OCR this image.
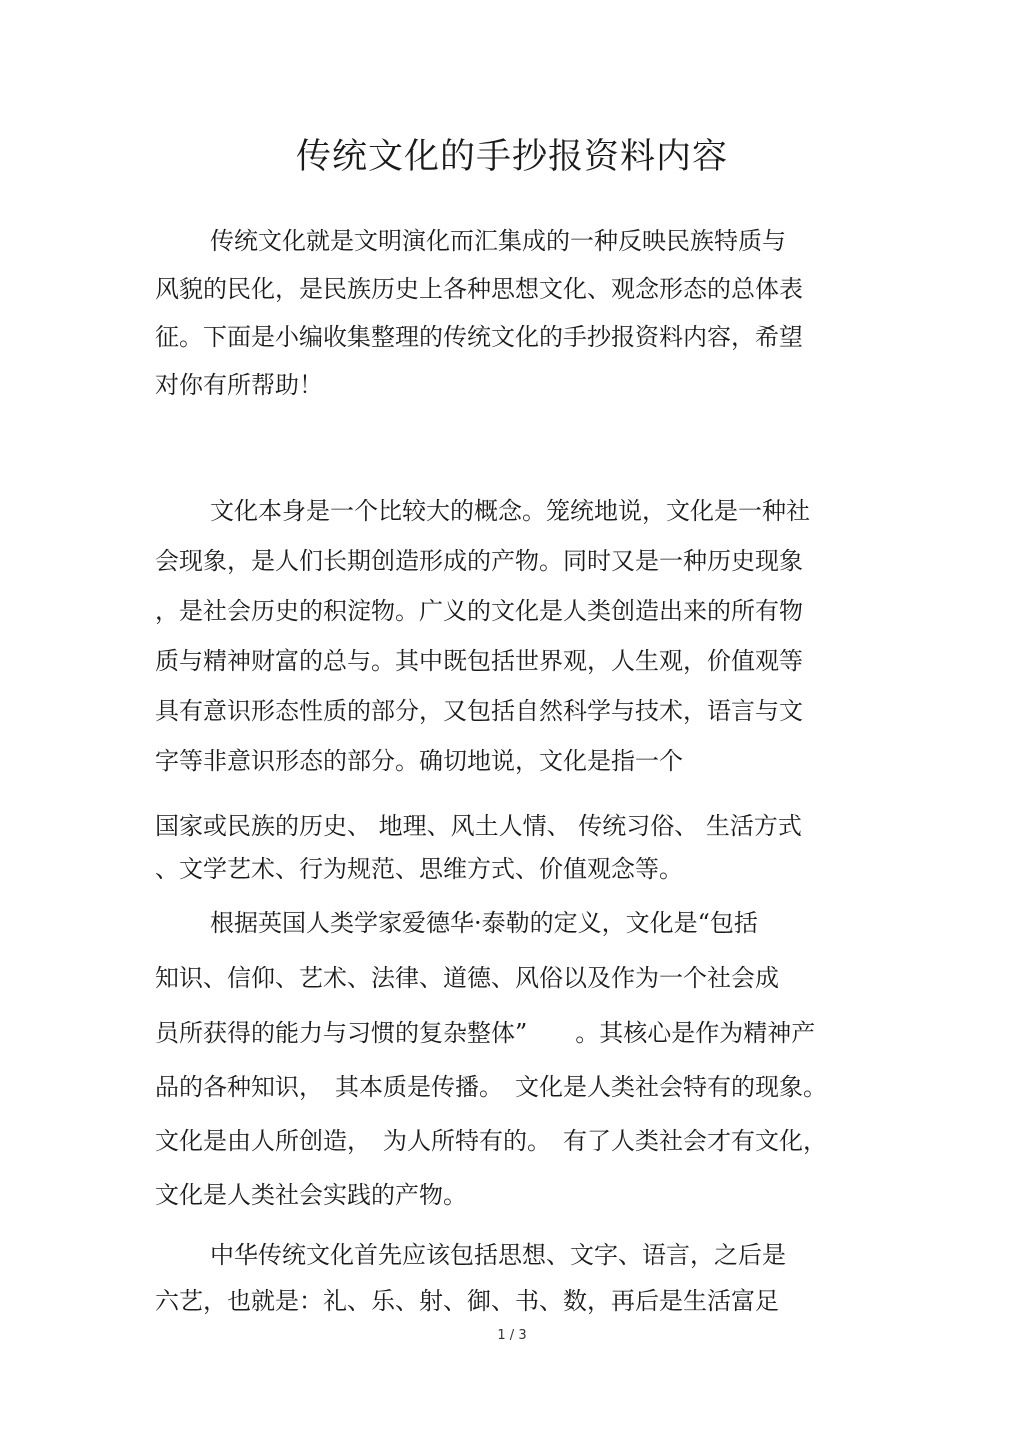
传统文化的手抄报资料内容
传统文化就是文明演化而汇集成的一种反映民族特质与
风貌的民化，是民族历史上各种思想文化、观念形态的总体表
征。下面是小编收集整理的传统文化的手抄报资料内容，希望
对你有所帮助！
文化本身是一个比较大的概念。笼统地说，文化是一种社
会现象，是人们长期创造形成的产物。同时又是一种历史现象
，是社会历史的积淀物。广义的文化是人类创造出来的所有物
质与精神财富的总与。其中既包括世界观，人生观，价值观等
具有意识形态性质的部分，又包括自然科学与技术，语言与文
字等非意识形态的部分。确切地说，文化是指一个
国家或民族的历史、 地理、风土人情、 传统习俗、 生活方式
、文学艺术、行为规范、思维方式、价值观念等。
根据英国人类学家爱德华·泰勒的定义，文化是“包括
知识、信仰、艺术、法律、道德、风俗以及作为一个社会成
员所获得的能力与习惯的复杂整体”　　。其核心是作为精神产
品的各种知识，　其本质是传播。　文化是人类社会特有的现象。
文化是由人所创造，　为人所特有的。　有了人类社会才有文化，
文化是人类社会实践的产物。
中华传统文化首先应该包括思想、文字、语言，之后是
六艺，也就是：礼、乐、射、御、书、数，再后是生活富足
1 / 3
